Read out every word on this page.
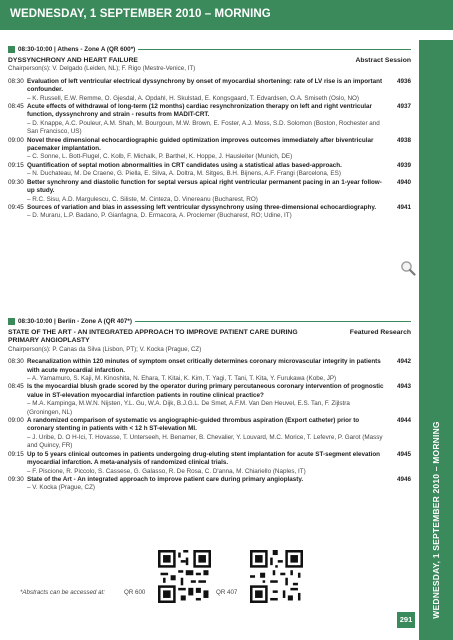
WEDNESDAY, 1 SEPTEMBER 2010 – MORNING
WEDNESDAY, 1 SEPTEMBER 2010 – MORNING
08:30-10:00 | Athens - Zone A (QR 600*)
DYSSYNCHRONY AND HEART FAILURE	Abstract Session
Chairperson(s): V. Delgado (Leiden, NL); F. Rigo (Mestre-Venice, IT)
08:30 Evaluation of left ventricular electrical dyssynchrony by onset of myocardial shortening: rate of LV rise is an important confounder.
– K. Russell, E.W. Remme, O. Gjesdal, A. Opdahl, H. Skulstad, E. Kongsgaard, T. Edvardsen, O.A. Smiseth (Oslo, NO)
4936
08:45 Acute effects of withdrawal of long-term (12 months) cardiac resynchronization therapy on left and right ventricular function, dyssynchrony and strain - results from MADIT-CRT.
– D. Knappe, A.C. Pouleur, A.M. Shah, M. Bourgoun, M.W. Brown, E. Foster, A.J. Moss, S.D. Solomon (Boston, Rochester and San Francisco, US)
4937
09:00 Novel three dimensional echocardiographic guided optimization improves outcomes immediately after biventricular pacemaker implantation.
– C. Sonne, L. Bott-Flugel, C. Kolb, F. Michalk, P. Barthel, K. Hoppe, J. Hausleiter (Munich, DE)
4938
09:15 Quantification of septal motion abnormalities in CRT candidates using a statistical atlas based-approach.
– N. Duchateau, M. De Craene, G. Piella, E. Silva, A. Doltra, M. Sitges, B.H. Bijnens, A.F. Frangi (Barcelona, ES)
4939
09:30 Better synchrony and diastolic function for septal versus apical right ventricular permanent pacing in an 1-year follow-up study.
– R.C. Sisu, A.D. Margulescu, C. Siliste, M. Cinteza, D. Vinereanu (Bucharest, RO)
4940
09:45 Sources of variation and bias in assessing left ventricular dyssynchrony using three-dimensional echocardiography.
– D. Muraru, L.P. Badano, P. Gianfagna, D. Ermacora, A. Proclemer (Bucharest, RO; Udine, IT)
4941
08:30-10:00 | Berlin - Zone A (QR 407*)
STATE OF THE ART - AN INTEGRATED APPROACH TO IMPROVE PATIENT CARE DURING PRIMARY ANGIOPLASTY
Featured Research
Chairperson(s): P. Canas da Silva (Lisbon, PT); V. Kocka (Prague, CZ)
08:30 Recanalization within 120 minutes of symptom onset critically determines coronary microvascular integrity in patients with acute myocardial infarction.
– A. Yamamuro, S. Kaji, M. Kinoshita, N. Ehara, T. Kitai, K. Kim, T. Yagi, T. Tani, T. Kita, Y. Furukawa (Kobe, JP)
4942
08:45 Is the myocardial blush grade scored by the operator during primary percutaneous coronary intervention of prognostic value in ST-elevation myocardial infarction patients in routine clinical practice?
– M.A. Kampinga, M.W.N. Nijsten, Y.L. Gu, W.A. Dijk, B.J.G.L. De Smet, A.F.M. Van Den Heuvel, E.S. Tan, F. Zijlstra (Groningen, NL)
4943
09:00 A randomized comparison of systematic vs angiographic-guided thrombus aspiration (Export catheter) prior to coronary stenting in patients with < 12 h ST-elevation MI.
– J. Uribe, D. O H-Ici, T. Hovasse, T. Unterseeh, H. Benamer, B. Chevalier, Y. Louvard, M.C. Morice, T. Lefevre, P. Garot (Massy and Quincy, FR)
4944
09:15 Up to 5 years clinical outcomes in patients undergoing drug-eluting stent implantation for acute ST-segment elevation myocardial infarction. A meta-analysis of randomized clinical trials.
– F. Piscione, R. Piccolo, S. Cassese, G. Galasso, R. De Rosa, C. D'anna, M. Chiariello (Naples, IT)
4945
09:30 State of the Art - An integrated approach to improve patient care during primary angioplasty.
– V. Kocka (Prague, CZ)
4946
*Abstracts can be accessed at:	QR 600	QR 407
291
